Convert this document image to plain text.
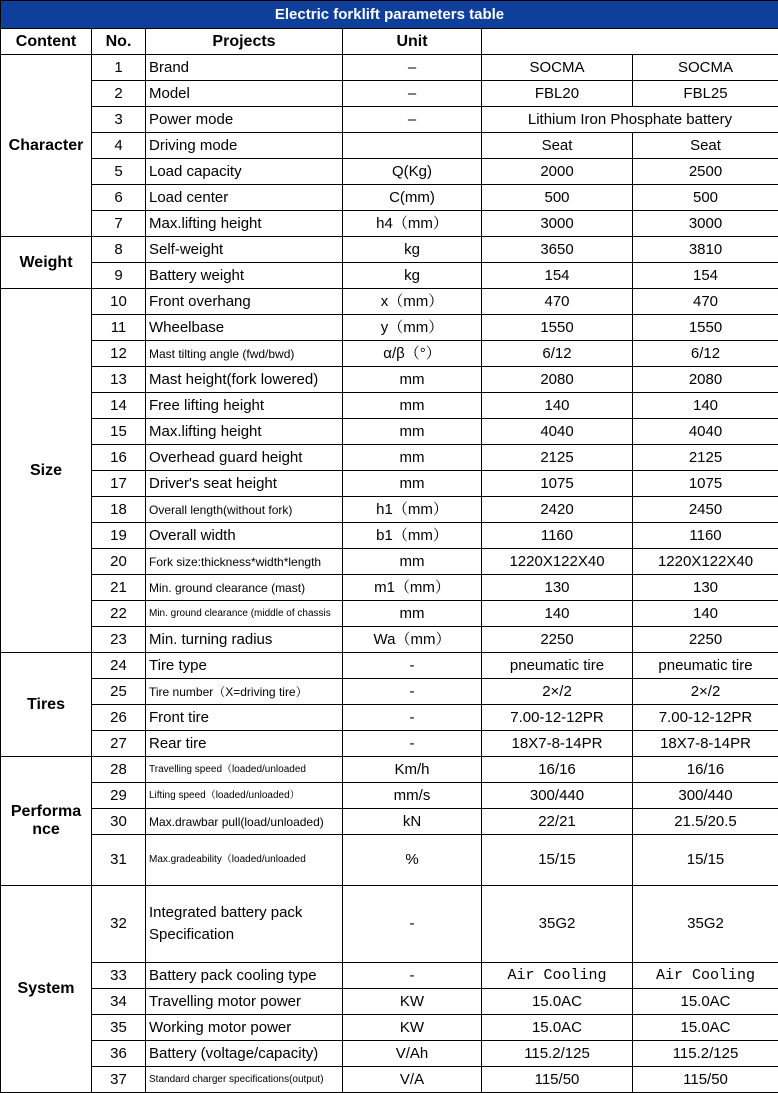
Electric forklift parameters table					
Content	No.	Projects	Unit		
Character	1	Brand	–	SOCMA	SOCMA
	2	Model	–	FBL20	FBL25
	3	Power mode	–	Lithium Iron Phosphate battery	
	4	Driving mode		Seat	Seat
	5	Load capacity	Q(Kg)	2000	2500
	6	Load center	C(mm)	500	500
	7	Max.lifting height	h4（mm）	3000	3000
Weight	8	Self-weight	kg	3650	3810
	9	Battery weight	kg	154	154
Size	10	Front overhang	x（mm）	470	470
	11	Wheelbase	y（mm）	1550	1550
	12	Mast tilting angle (fwd/bwd)	α/β（°）	6/12	6/12
	13	Mast height(fork lowered)	mm	2080	2080
	14	Free lifting height	mm	140	140
	15	Max.lifting height	mm	4040	4040
	16	Overhead guard height	mm	2125	2125
	17	Driver's seat height	mm	1075	1075
	18	Overall length(without fork)	h1（mm）	2420	2450
	19	Overall width	b1（mm）	1160	1160
	20	Fork size:thickness*width*length	mm	1220X122X40	1220X122X40
	21	Min. ground clearance (mast)	m1（mm）	130	130
	22	Min. ground clearance (middle of chassis	mm	140	140
	23	Min. turning radius	Wa（mm）	2250	2250
Tires	24	Tire type	-	pneumatic tire	pneumatic tire
	25	Tire number（X=driving tire）	-	2×/2	2×/2
	26	Front tire	-	7.00-12-12PR	7.00-12-12PR
	27	Rear tire	-	18X7-8-14PR	18X7-8-14PR
Performance	28	Travelling speed（loaded/unloaded	Km/h	16/16	16/16
	29	Lifting speed（loaded/unloaded）	mm/s	300/440	300/440
	30	Max.drawbar pull(load/unloaded)	kN	22/21	21.5/20.5
	31	Max.gradeability（loaded/unloaded	%	15/15	15/15
System	32	Integrated battery pack Specification	-	35G2	35G2
	33	Battery pack cooling type	-	Air Cooling	Air Cooling
	34	Travelling motor power	KW	15.0AC	15.0AC
	35	Working motor power	KW	15.0AC	15.0AC
	36	Battery (voltage/capacity)	V/Ah	115.2/125	115.2/125
	37	Standard charger specifications(output)	V/A	115/50	115/50
